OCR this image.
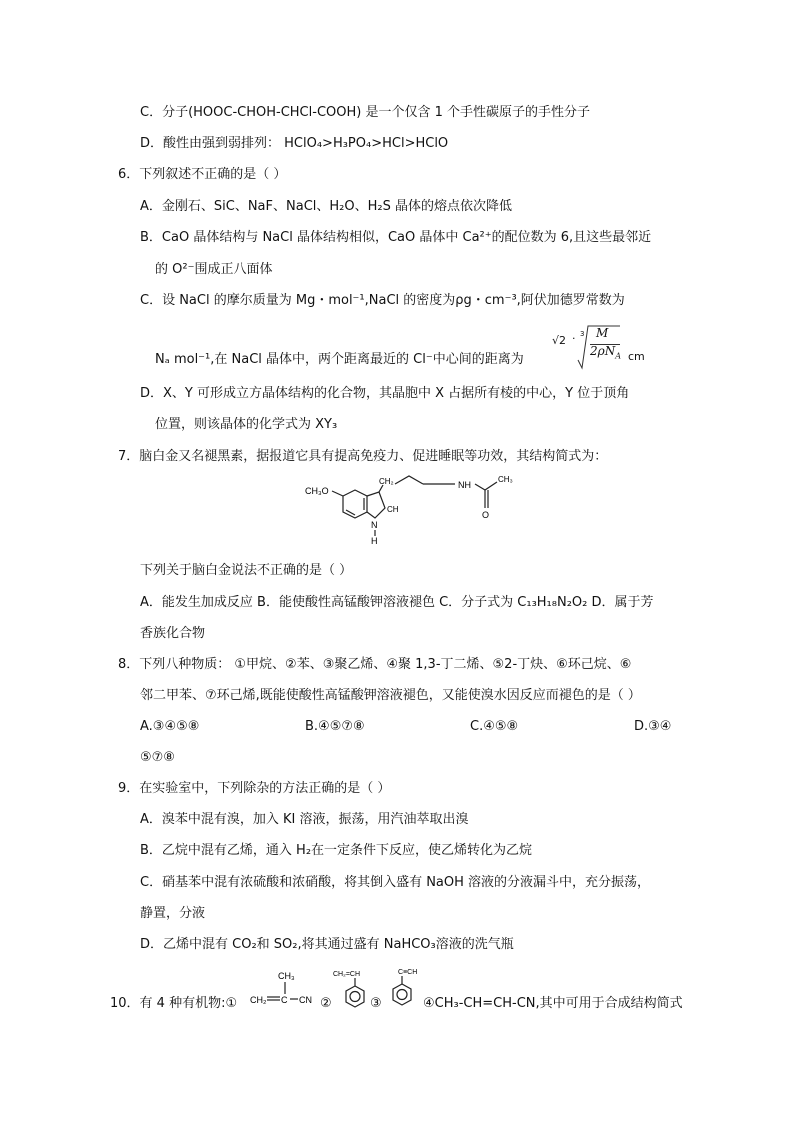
C．分子(HOOC-CHOH-CHCl-COOH) 是一个仅含 1 个手性碳原子的手性分子
D．酸性由强到弱排列： HClO₄>H₃PO₄>HCl>HClO
6．下列叙述不正确的是（ ）
A．金刚石、SiC、NaF、NaCl、H₂O、H₂S 晶体的熔点依次降低
B．CaO 晶体结构与 NaCl 晶体结构相似，CaO 晶体中 Ca²⁺的配位数为 6,且这些最邻近
的 O²⁻围成正八面体
C．设 NaCl 的摩尔质量为 Mg・mol⁻¹,NaCl 的密度为ρg・cm⁻³,阿伏加德罗常数为
Nₐ mol⁻¹,在 NaCl 晶体中，两个距离最近的 Cl⁻中心间的距离为
√2 · 3 M
$2\rho N_A$ cm
D．X、Y 可形成立方晶体结构的化合物，其晶胞中 X 占据所有棱的中心，Y 位于顶角
位置，则该晶体的化学式为 XY₃
7．脑白金又名褪黑素，据报道它具有提高免疫力、促进睡眠等功效，其结构简式为：
CH₃O
CH₂	NH
CH₃
O
CH
N
H
下列关于脑白金说法不正确的是（ ）
A．能发生加成反应 B．能使酸性高锰酸钾溶液褪色 C．分子式为 C₁₃H₁₈N₂O₂ D．属于芳
香族化合物
8．下列八种物质： ①甲烷、②苯、③聚乙烯、④聚 1,3-丁二烯、⑤2-丁炔、⑥环己烷、⑥
邻二甲苯、⑦环己烯,既能使酸性高锰酸钾溶液褪色，又能使溴水因反应而褪色的是（ ）
A.③④⑤⑧	B.④⑤⑦⑧	C.④⑤⑧	D.③④
⑤⑦⑧
9．在实验室中，下列除杂的方法正确的是（ ）
A．溴苯中混有溴，加入 KI 溶液，振荡，用汽油萃取出溴
B．乙烷中混有乙烯，通入 H₂在一定条件下反应，使乙烯转化为乙烷
C．硝基苯中混有浓硫酸和浓硝酸，将其倒入盛有 NaOH 溶液的分液漏斗中，充分振荡，
静置，分液
D．乙烯中混有 CO₂和 SO₂,将其通过盛有 NaHCO₃溶液的洗气瓶
10．有 4 种有机物:①
CH₃
CH₂ C CN ②
CH₂=CH
③
C≡CH
④CH₃-CH=CH-CN,其中可用于合成结构简式
